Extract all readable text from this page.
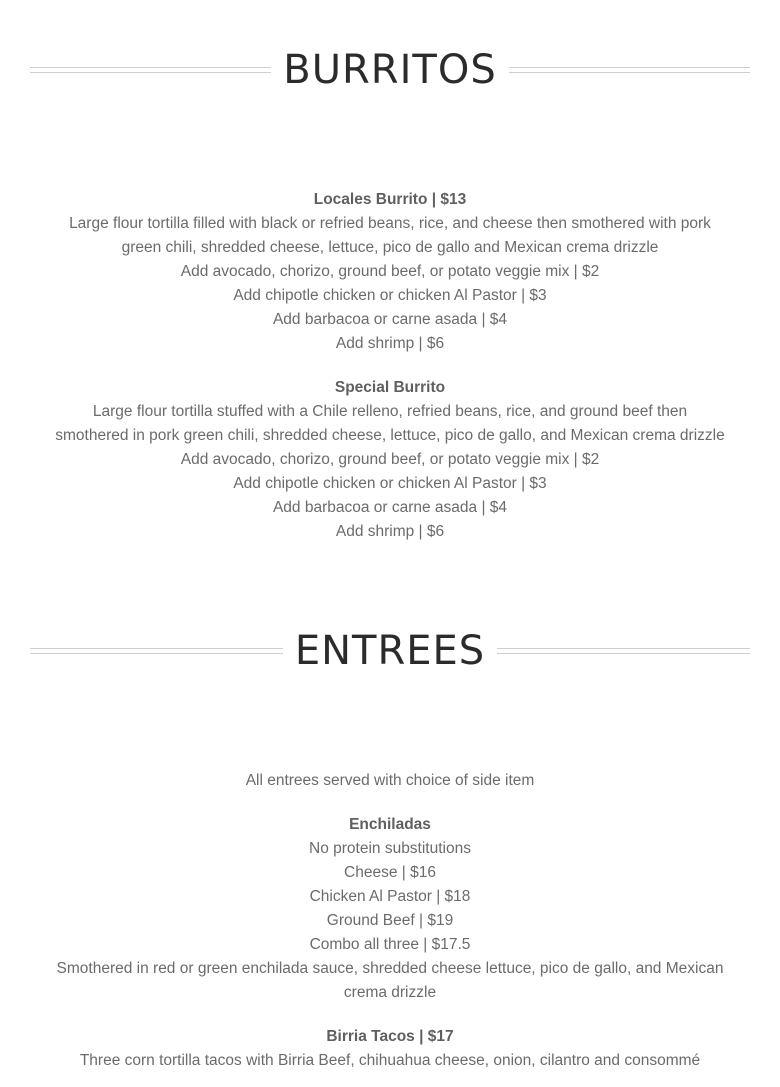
BURRITOS
Locales Burrito | $13
Large flour tortilla filled with black or refried beans, rice, and cheese then smothered with pork
green chili, shredded cheese, lettuce, pico de gallo and Mexican crema drizzle
Add avocado, chorizo, ground beef, or potato veggie mix | $2
Add chipotle chicken or chicken Al Pastor | $3
Add barbacoa or carne asada | $4
Add shrimp | $6
Special Burrito
Large flour tortilla stuffed with a Chile relleno, refried beans, rice, and ground beef then
smothered in pork green chili, shredded cheese, lettuce, pico de gallo, and Mexican crema drizzle
Add avocado, chorizo, ground beef, or potato veggie mix | $2
Add chipotle chicken or chicken Al Pastor | $3
Add barbacoa or carne asada | $4
Add shrimp | $6
ENTREES
All entrees served with choice of side item
Enchiladas
No protein substitutions
Cheese | $16
Chicken Al Pastor | $18
Ground Beef | $19
Combo all three | $17.5
Smothered in red or green enchilada sauce, shredded cheese lettuce, pico de gallo, and Mexican
crema drizzle
Birria Tacos | $17
Three corn tortilla tacos with Birria Beef, chihuahua cheese, onion, cilantro and consommé
